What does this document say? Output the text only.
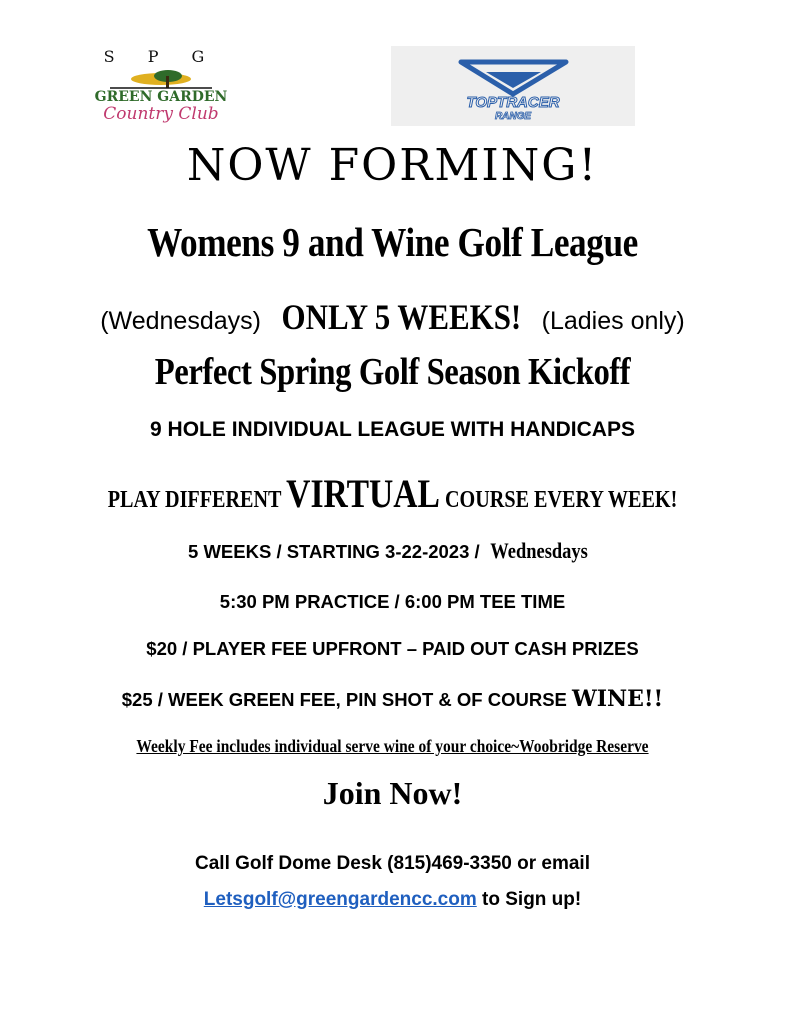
S P G
GREEN GARDEN
Country Club
TOPTRACER
RANGE
NOW FORMING!
Womens 9 and Wine Golf League
(Wednesdays) ONLY 5 WEEKS! (Ladies only)
Perfect Spring Golf Season Kickoff
9 HOLE INDIVIDUAL LEAGUE WITH HANDICAPS
PLAY DIFFERENT VIRTUAL COURSE EVERY WEEK!
5 WEEKS / STARTING 3-22-2023 / Wednesdays
5:30 PM PRACTICE / 6:00 PM TEE TIME
$20 / PLAYER FEE UPFRONT – PAID OUT CASH PRIZES
$25 / WEEK GREEN FEE, PIN SHOT & OF COURSE WINE!!
Weekly Fee includes individual serve wine of your choice~Woobridge Reserve
Join Now!
Call Golf Dome Desk (815)469-3350 or email
Letsgolf@greengardencc.com to Sign up!
